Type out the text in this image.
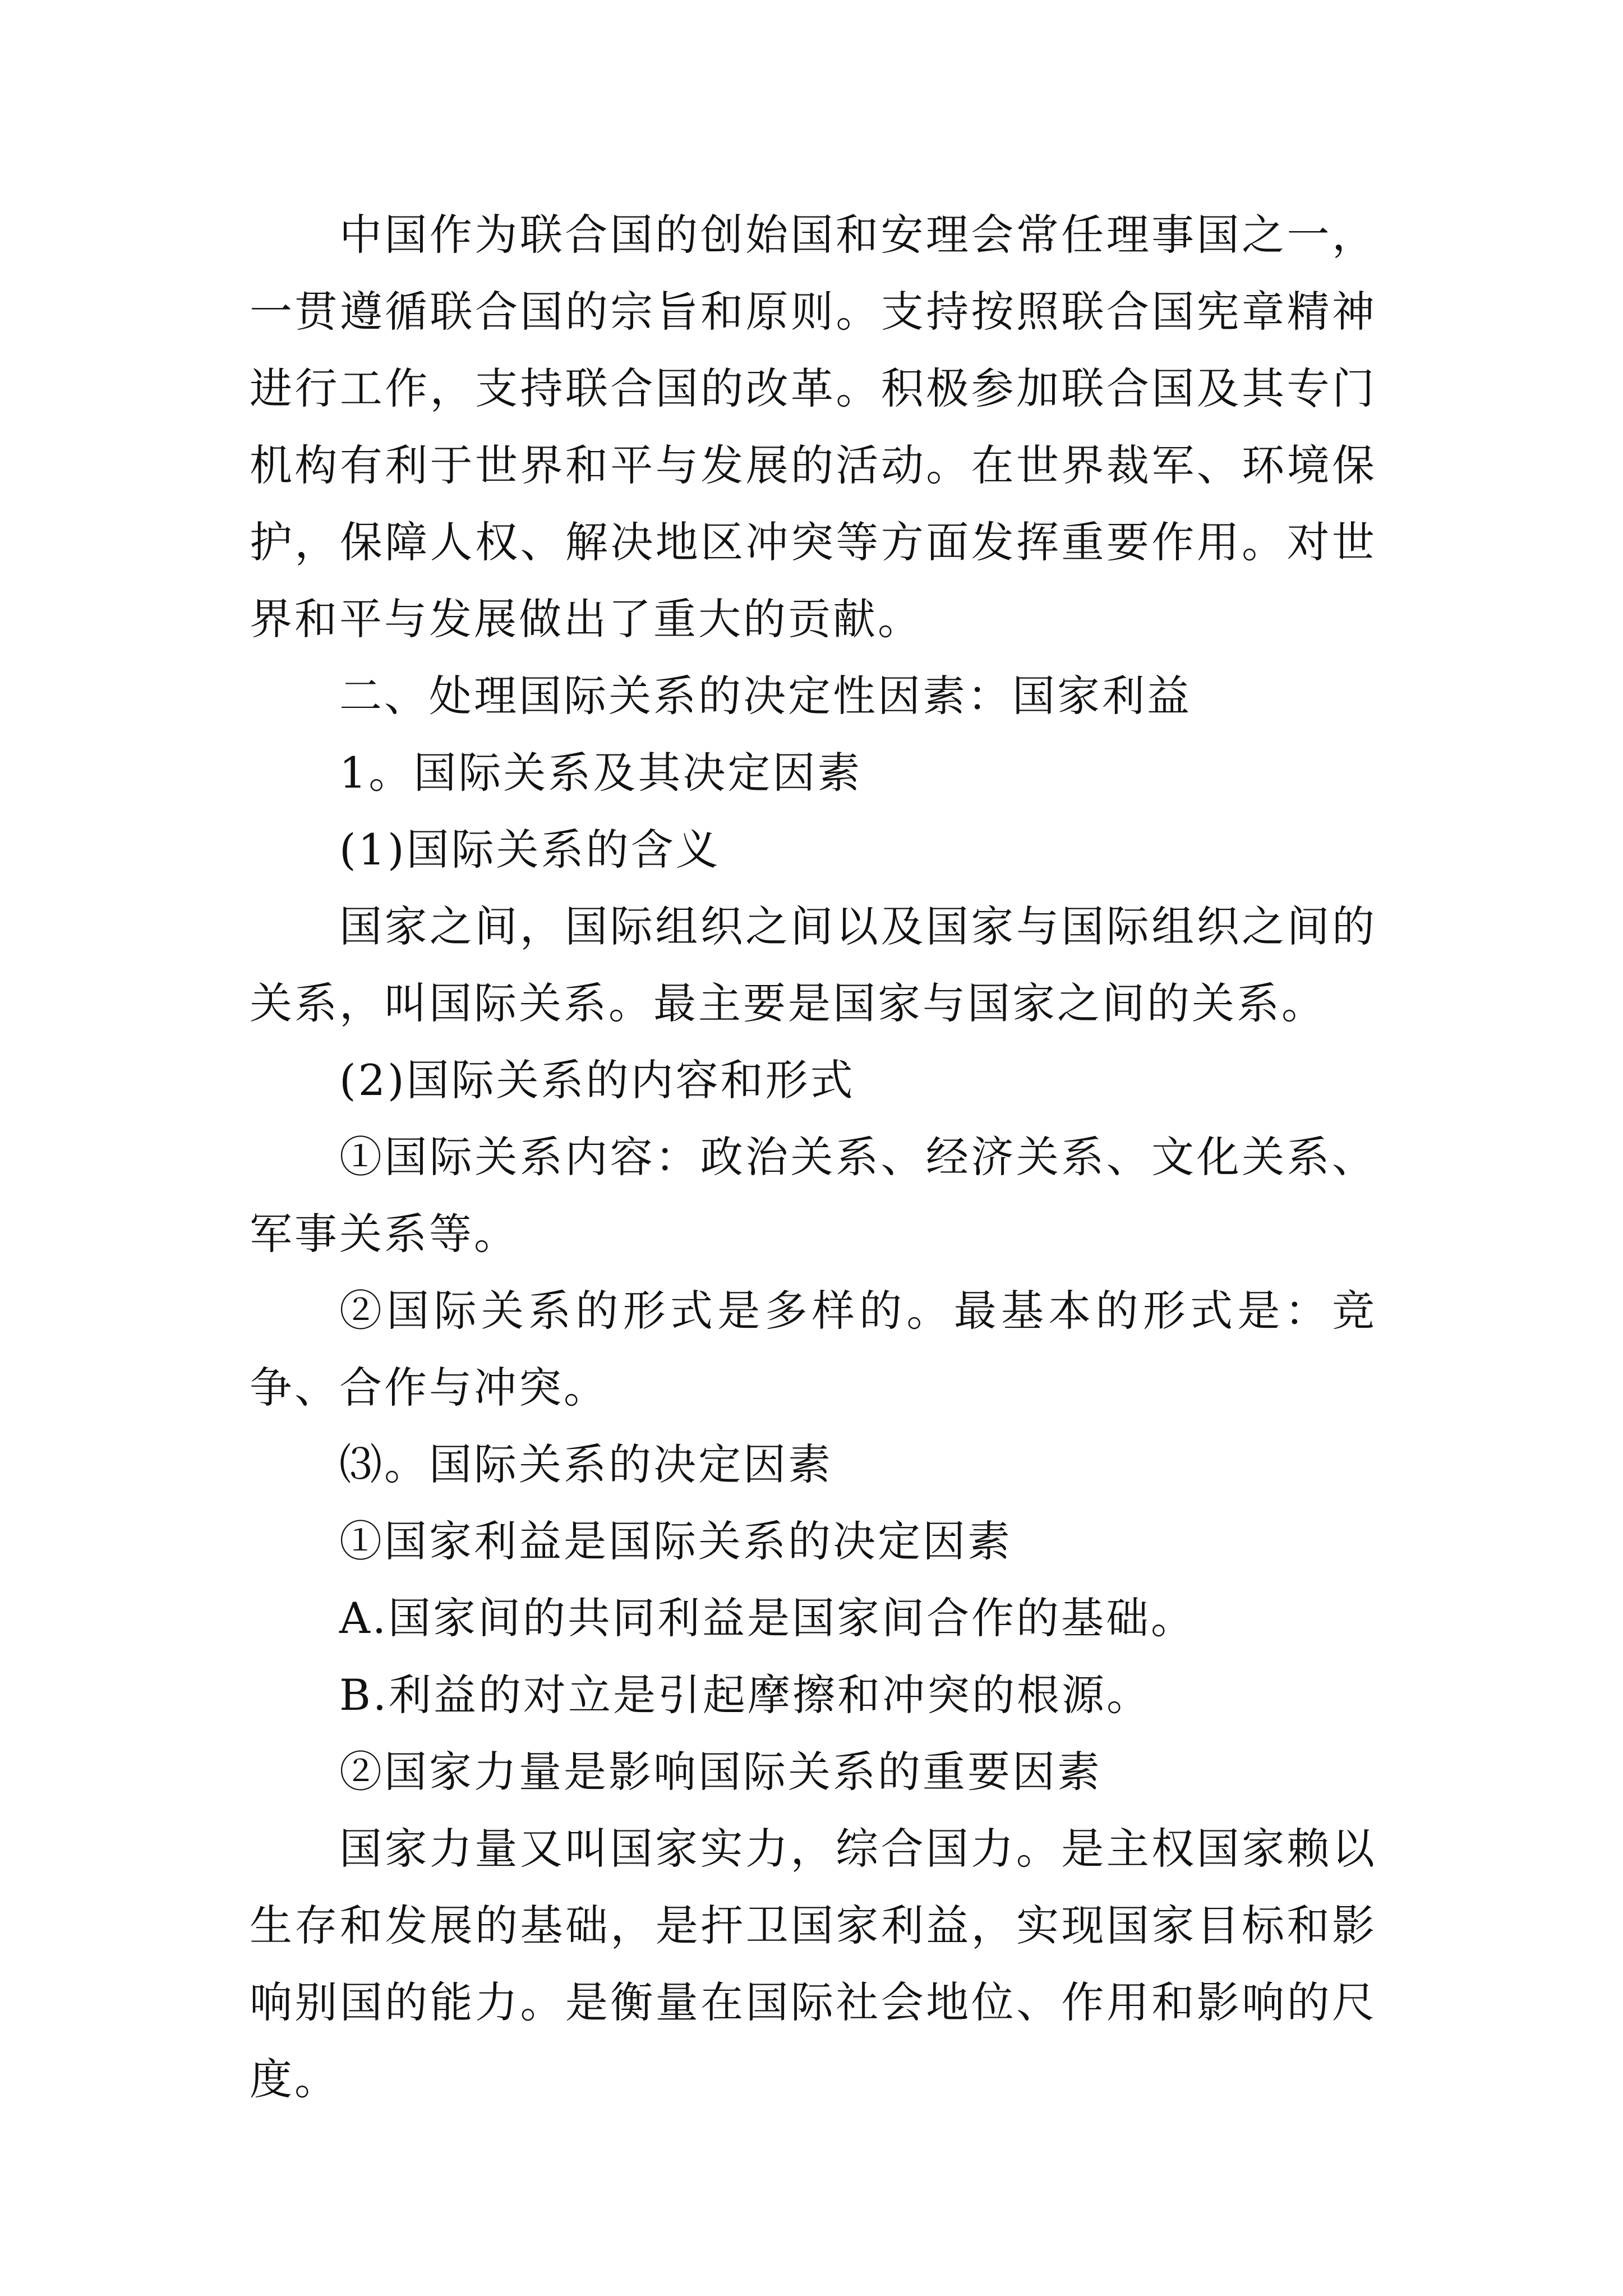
中国作为联合国的创始国和安理会常任理事国之一，一贯遵循联合国的宗旨和原则。支持按照联合国宪章精神进行工作，支持联合国的改革。积极参加联合国及其专门机构有利于世界和平与发展的活动。在世界裁军、环境保护，保障人权、解决地区冲突等方面发挥重要作用。对世界和平与发展做出了重大的贡献。

二、处理国际关系的决定性因素：国家利益

1。国际关系及其决定因素

(1)国际关系的含义

国家之间，国际组织之间以及国家与国际组织之间的关系，叫国际关系。最主要是国家与国家之间的关系。

(2)国际关系的内容和形式

①国际关系内容：政治关系、经济关系、文化关系、军事关系等。

②国际关系的形式是多样的。最基本的形式是：竞争、合作与冲突。

⑶。国际关系的决定因素

①国家利益是国际关系的决定因素

A.国家间的共同利益是国家间合作的基础。

B.利益的对立是引起摩擦和冲突的根源。

②国家力量是影响国际关系的重要因素

国家力量又叫国家实力，综合国力。是主权国家赖以生存和发展的基础，是扞卫国家利益，实现国家目标和影响别国的能力。是衡量在国际社会地位、作用和影响的尺度。
